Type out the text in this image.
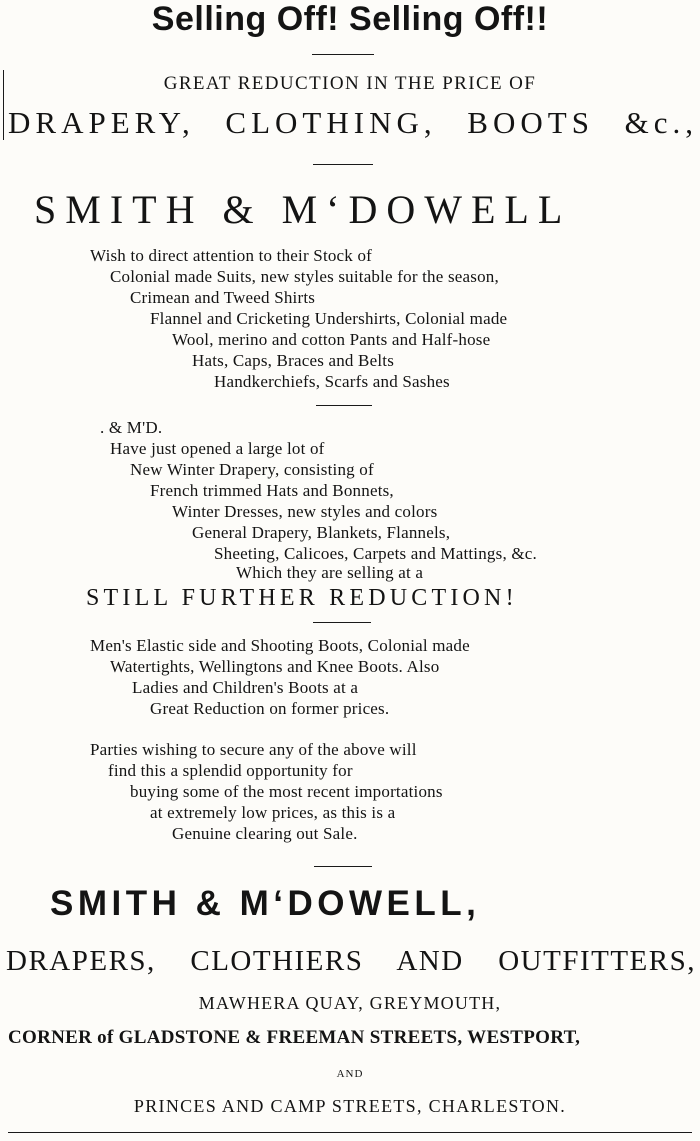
Selling Off! Selling Off!!
GREAT REDUCTION IN THE PRICE OF
DRAPERY, CLOTHING, BOOTS &c.,
SMITH & M‘DOWELL
Wish to direct attention to their Stock of
Colonial made Suits, new styles suitable for the season,
Crimean and Tweed Shirts
Flannel and Cricketing Undershirts, Colonial made
Wool, merino and cotton Pants and Half-hose
Hats, Caps, Braces and Belts
Handkerchiefs, Scarfs and Sashes
. & M'D.
Have just opened a large lot of
New Winter Drapery, consisting of
French trimmed Hats and Bonnets,
Winter Dresses, new styles and colors
General Drapery, Blankets, Flannels,
Sheeting, Calicoes, Carpets and Mattings, &c.
Which they are selling at a
STILL FURTHER REDUCTION!
Men's Elastic side and Shooting Boots, Colonial made
Watertights, Wellingtons and Knee Boots. Also
Ladies and Children's Boots at a
Great Reduction on former prices.
Parties wishing to secure any of the above will
find this a splendid opportunity for
buying some of the most recent importations
at extremely low prices, as this is a
Genuine clearing out Sale.
SMITH & M‘DOWELL,
DRAPERS, CLOTHIERS AND OUTFITTERS,
MAWHERA QUAY, GREYMOUTH,
CORNER of GLADSTONE & FREEMAN STREETS, WESTPORT,
AND
PRINCES AND CAMP STREETS, CHARLESTON.
